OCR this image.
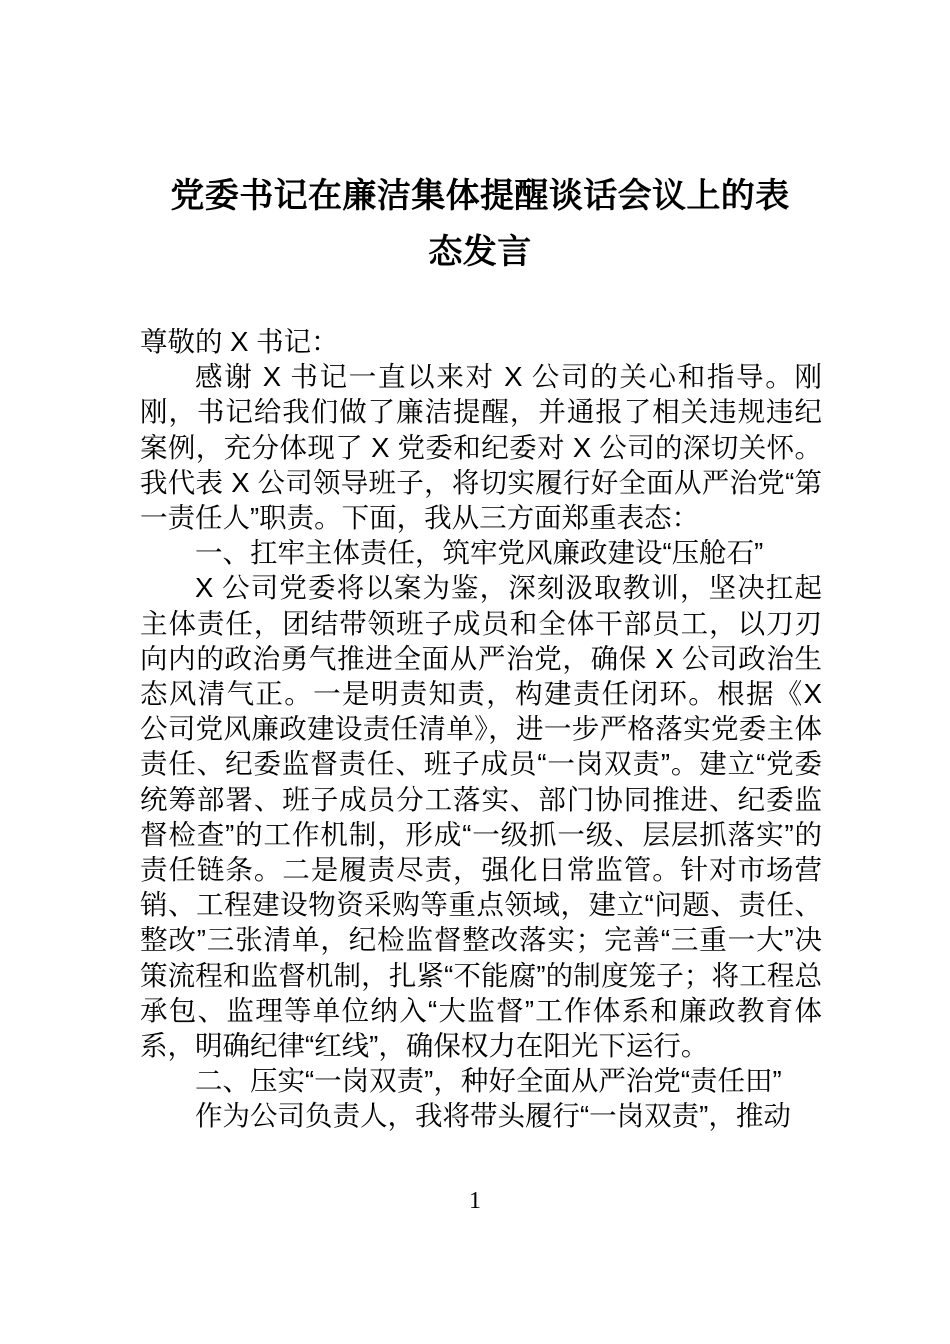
党委书记在廉洁集体提醒谈话会议上的表
态发言

尊敬的 X 书记：

感谢 X 书记一直以来对 X 公司的关心和指导。刚刚，书记给我们做了廉洁提醒，并通报了相关违规违纪案例，充分体现了 X 党委和纪委对 X 公司的深切关怀。我代表 X 公司领导班子，将切实履行好全面从严治党“第一责任人”职责。下面，我从三方面郑重表态：

一、扛牢主体责任，筑牢党风廉政建设“压舱石”

X 公司党委将以案为鉴，深刻汲取教训，坚决扛起主体责任，团结带领班子成员和全体干部员工，以刀刃向内的政治勇气推进全面从严治党，确保 X 公司政治生态风清气正。一是明责知责，构建责任闭环。根据《X 公司党风廉政建设责任清单》，进一步严格落实党委主体责任、纪委监督责任、班子成员“一岗双责”。建立“党委统筹部署、班子成员分工落实、部门协同推进、纪委监督检查”的工作机制，形成“一级抓一级、层层抓落实”的责任链条。二是履责尽责，强化日常监管。针对市场营销、工程建设物资采购等重点领域，建立“问题、责任、整改”三张清单，纪检监督整改落实；完善“三重一大”决策流程和监督机制，扎紧“不能腐”的制度笼子；将工程总承包、监理等单位纳入“大监督”工作体系和廉政教育体系，明确纪律“红线”，确保权力在阳光下运行。

二、压实“一岗双责”，种好全面从严治党“责任田”

作为公司负责人，我将带头履行“一岗双责”，推动

1
